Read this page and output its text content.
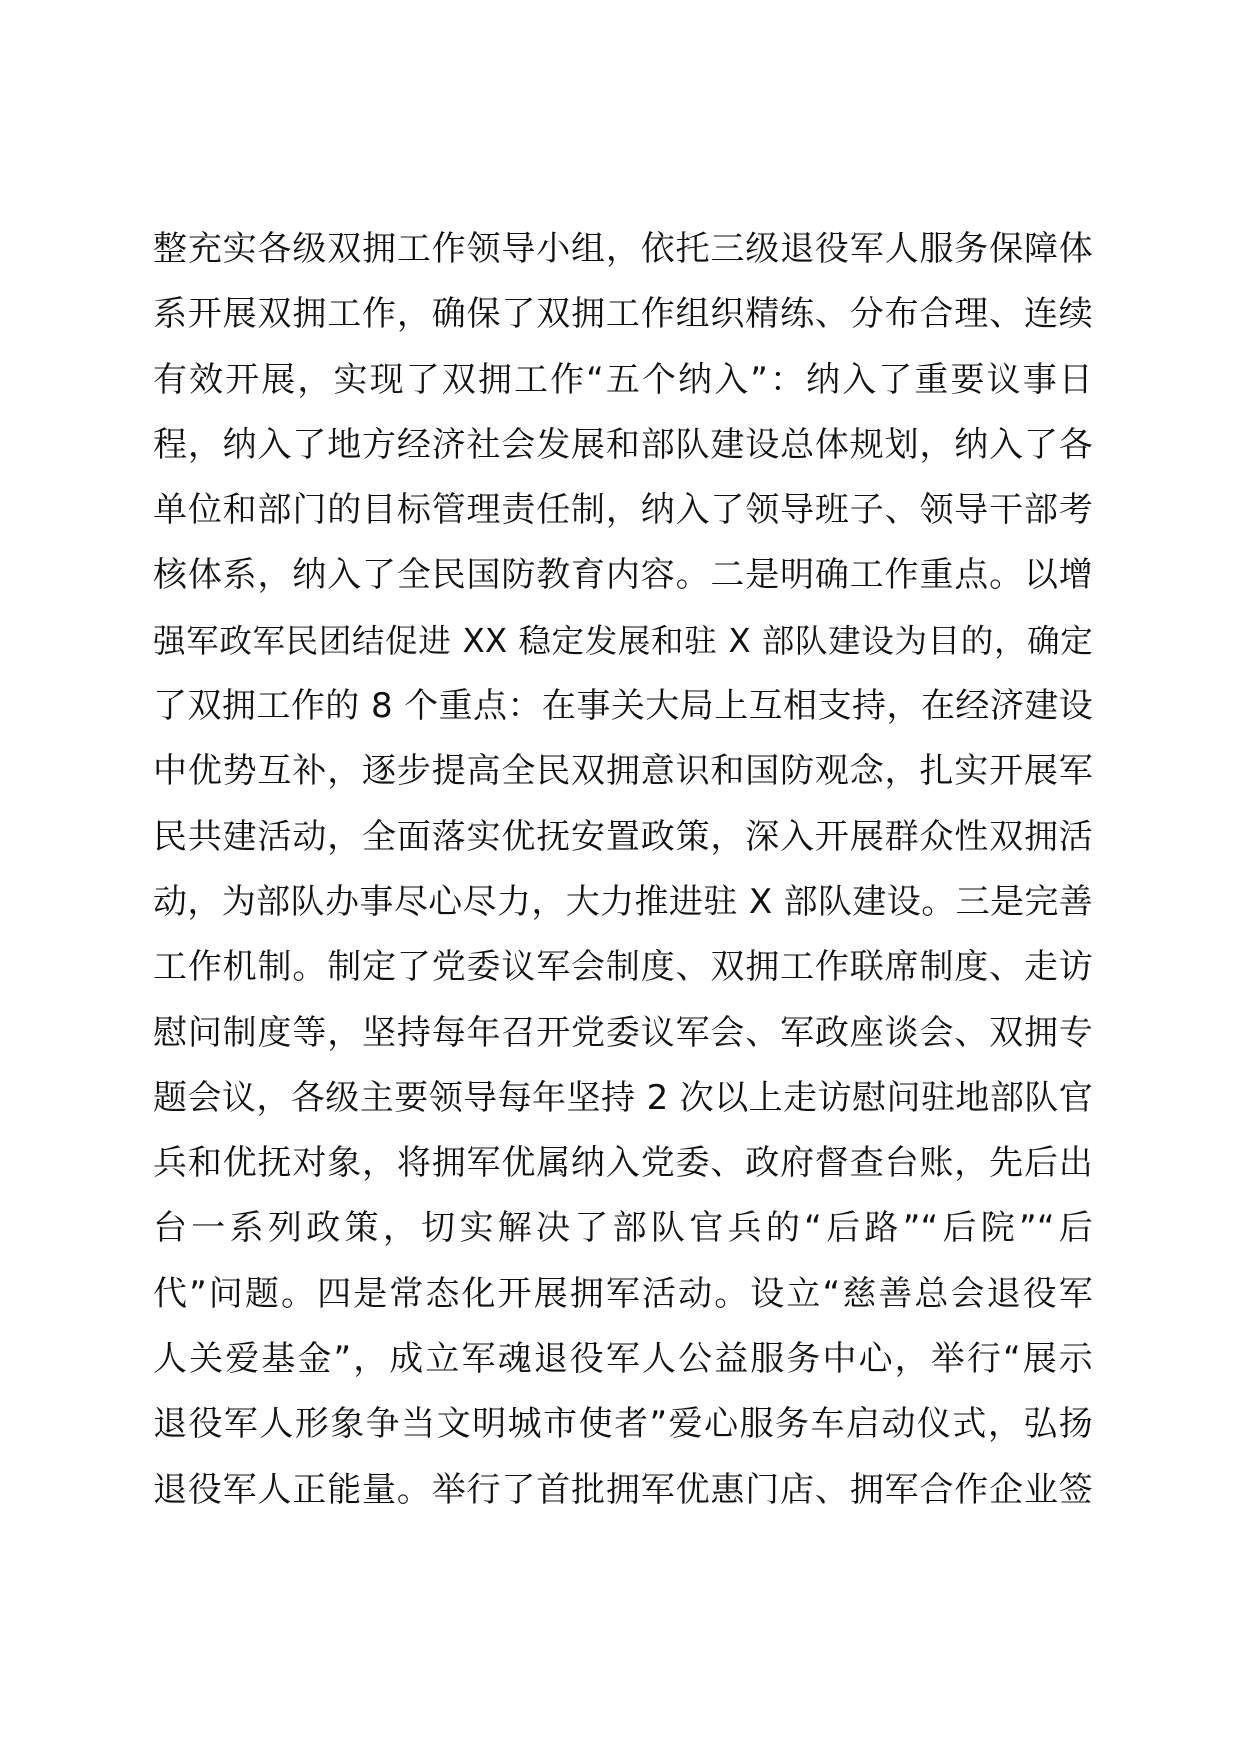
整充实各级双拥工作领导小组，依托三级退役军人服务保障体
系开展双拥工作，确保了双拥工作组织精练、分布合理、连续
有效开展，实现了双拥工作“五个纳入”：纳入了重要议事日
程，纳入了地方经济社会发展和部队建设总体规划，纳入了各
单位和部门的目标管理责任制，纳入了领导班子、领导干部考
核体系，纳入了全民国防教育内容。二是明确工作重点。以增
强军政军民团结促进 XX 稳定发展和驻 X 部队建设为目的，确定
了双拥工作的 8 个重点：在事关大局上互相支持，在经济建设
中优势互补，逐步提高全民双拥意识和国防观念，扎实开展军
民共建活动，全面落实优抚安置政策，深入开展群众性双拥活
动，为部队办事尽心尽力，大力推进驻 X 部队建设。三是完善
工作机制。制定了党委议军会制度、双拥工作联席制度、走访
慰问制度等，坚持每年召开党委议军会、军政座谈会、双拥专
题会议，各级主要领导每年坚持 2 次以上走访慰问驻地部队官
兵和优抚对象，将拥军优属纳入党委、政府督查台账，先后出
台一系列政策，切实解决了部队官兵的“后路”“后院”“后
代”问题。四是常态化开展拥军活动。设立“慈善总会退役军
人关爱基金”，成立军魂退役军人公益服务中心，举行“展示
退役军人形象争当文明城市使者”爱心服务车启动仪式，弘扬
退役军人正能量。举行了首批拥军优惠门店、拥军合作企业签
